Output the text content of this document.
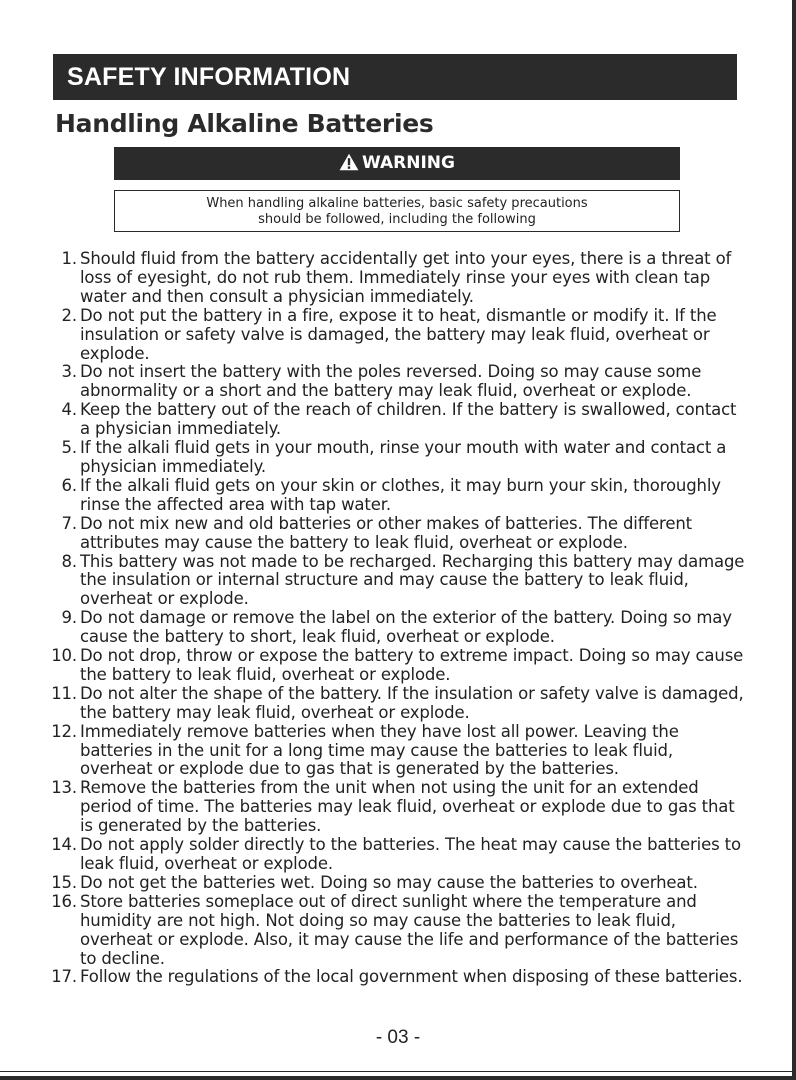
SAFETY INFORMATION
Handling Alkaline Batteries
WARNING
When handling alkaline batteries, basic safety precautions
should be followed, including the following
1. Should fluid from the battery accidentally get into your eyes, there is a threat of loss of eyesight, do not rub them. Immediately rinse your eyes with clean tap water and then consult a physician immediately.
2. Do not put the battery in a fire, expose it to heat, dismantle or modify it. If the insulation or safety valve is damaged, the battery may leak fluid, overheat or explode.
3. Do not insert the battery with the poles reversed. Doing so may cause some abnormality or a short and the battery may leak fluid, overheat or explode.
4. Keep the battery out of the reach of children. If the battery is swallowed, contact a physician immediately.
5. If the alkali fluid gets in your mouth, rinse your mouth with water and contact a physician immediately.
6. If the alkali fluid gets on your skin or clothes, it may burn your skin, thoroughly rinse the affected area with tap water.
7. Do not mix new and old batteries or other makes of batteries. The different attributes may cause the battery to leak fluid, overheat or explode.
8. This battery was not made to be recharged. Recharging this battery may damage the insulation or internal structure and may cause the battery to leak fluid, overheat or explode.
9. Do not damage or remove the label on the exterior of the battery. Doing so may cause the battery to short, leak fluid, overheat or explode.
10. Do not drop, throw or expose the battery to extreme impact. Doing so may cause the battery to leak fluid, overheat or explode.
11. Do not alter the shape of the battery. If the insulation or safety valve is damaged, the battery may leak fluid, overheat or explode.
12. Immediately remove batteries when they have lost all power. Leaving the batteries in the unit for a long time may cause the batteries to leak fluid, overheat or explode due to gas that is generated by the batteries.
13. Remove the batteries from the unit when not using the unit for an extended period of time. The batteries may leak fluid, overheat or explode due to gas that is generated by the batteries.
14. Do not apply solder directly to the batteries. The heat may cause the batteries to leak fluid, overheat or explode.
15. Do not get the batteries wet. Doing so may cause the batteries to overheat.
16. Store batteries someplace out of direct sunlight where the temperature and humidity are not high. Not doing so may cause the batteries to leak fluid, overheat or explode. Also, it may cause the life and performance of the batteries to decline.
17. Follow the regulations of the local government when disposing of these batteries.
- 03 -
